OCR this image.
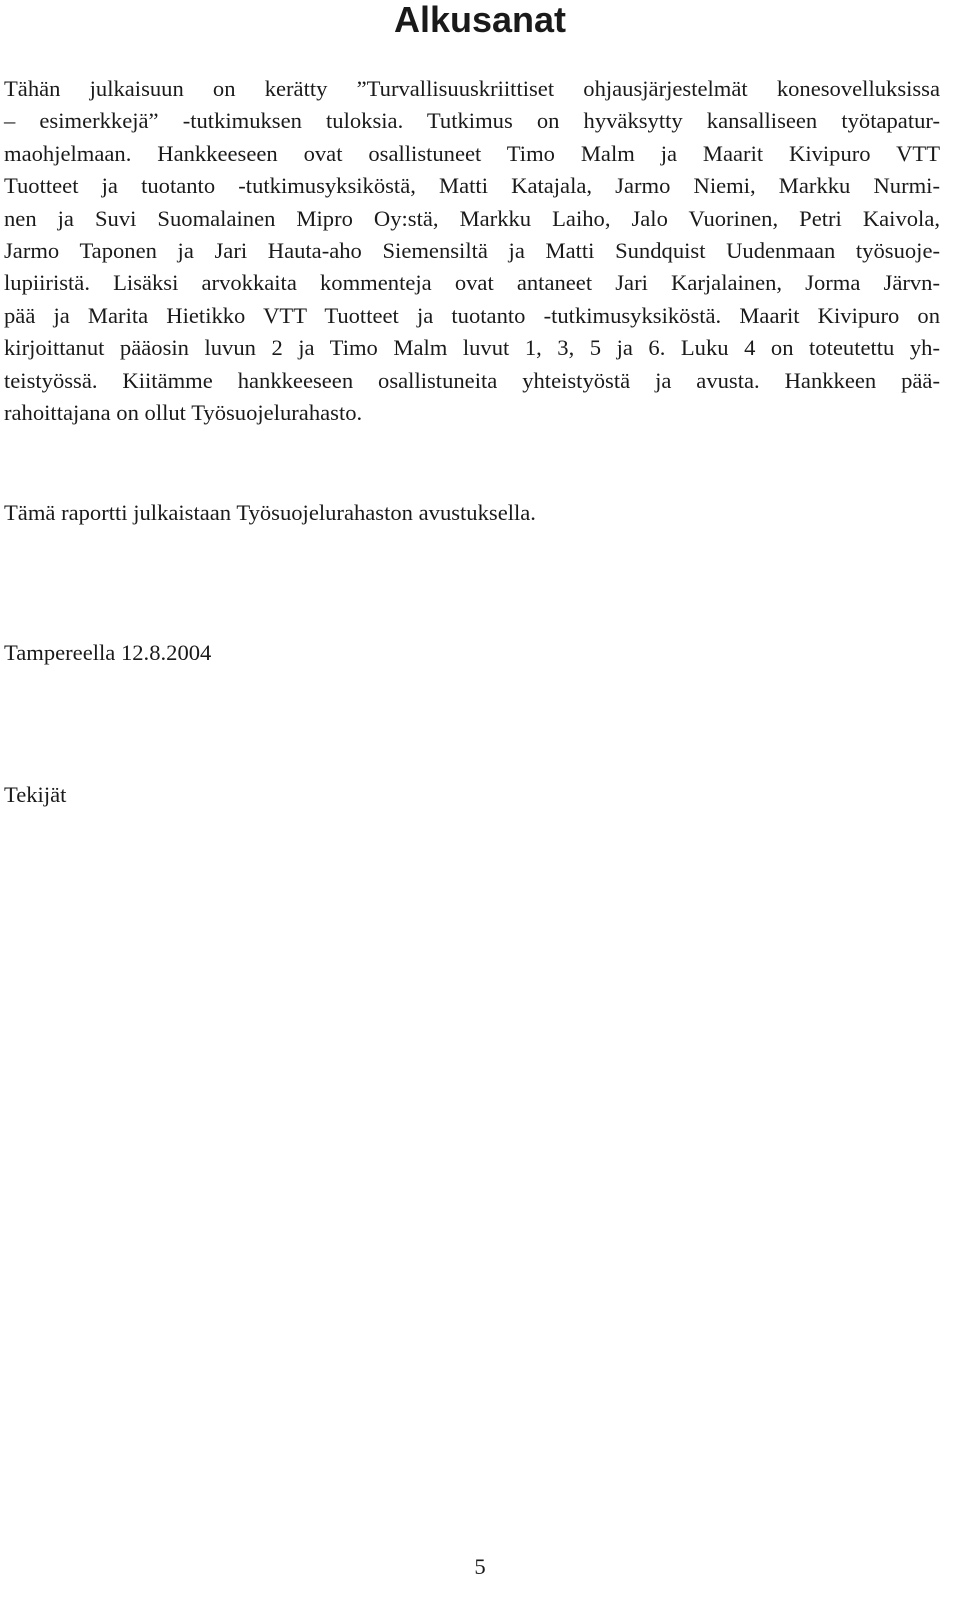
Alkusanat
Tähän julkaisuun on kerätty ”Turvallisuuskriittiset ohjausjärjestelmät konesovelluksissa
– esimerkkejä” -tutkimuksen tuloksia. Tutkimus on hyväksytty kansalliseen työtapatur-
maohjelmaan. Hankkeeseen ovat osallistuneet Timo Malm ja Maarit Kivipuro VTT
Tuotteet ja tuotanto -tutkimusyksiköstä, Matti Katajala, Jarmo Niemi, Markku Nurmi-
nen ja Suvi Suomalainen Mipro Oy:stä, Markku Laiho, Jalo Vuorinen, Petri Kaivola,
Jarmo Taponen ja Jari Hauta-aho Siemensiltä ja Matti Sundquist Uudenmaan työsuoje-
lupiiristä. Lisäksi arvokkaita kommenteja ovat antaneet Jari Karjalainen, Jorma Järvn-
pää ja Marita Hietikko VTT Tuotteet ja tuotanto -tutkimusyksiköstä. Maarit Kivipuro on
kirjoittanut pääosin luvun 2 ja Timo Malm luvut 1, 3, 5 ja 6. Luku 4 on toteutettu yh-
teistyössä. Kiitämme hankkeeseen osallistuneita yhteistyöstä ja avusta. Hankkeen pää-
rahoittajana on ollut Työsuojelurahasto.

Tämä raportti julkaistaan Työsuojelurahaston avustuksella.

Tampereella 12.8.2004

Tekijät

5
